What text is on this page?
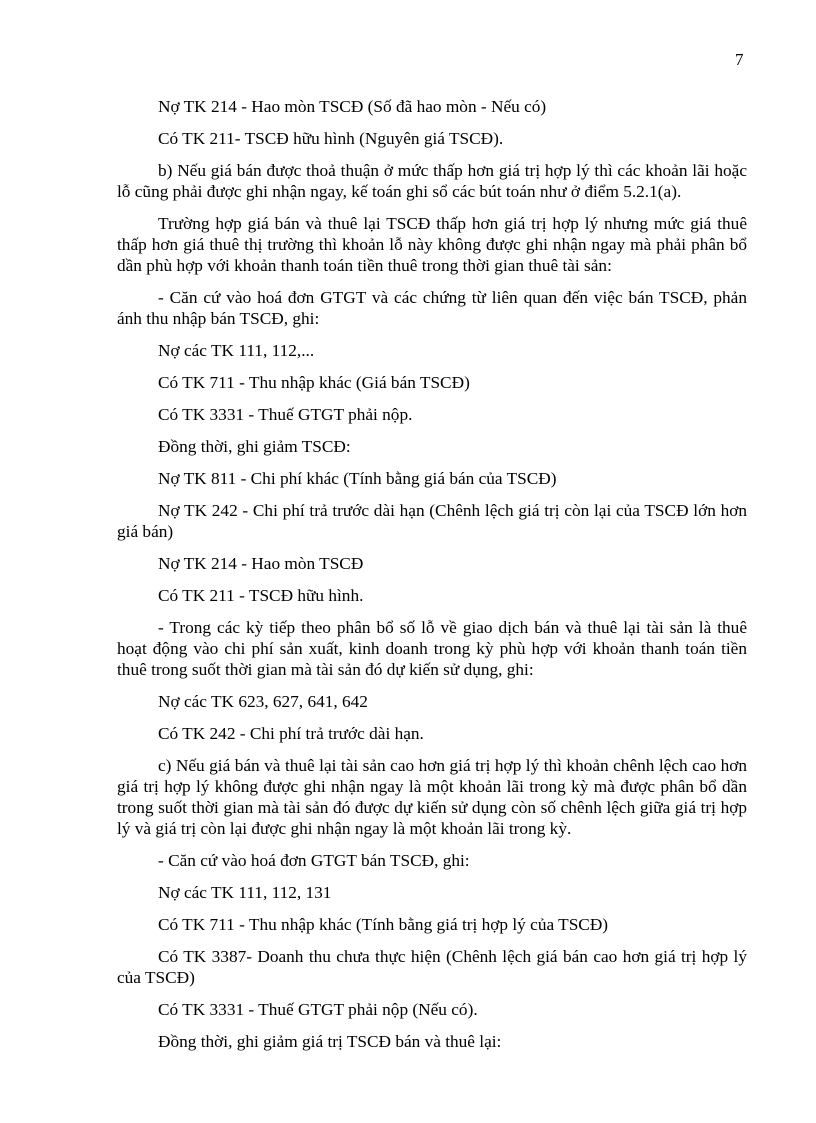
7

Nợ TK 214 - Hao mòn TSCĐ (Số đã hao mòn - Nếu có)

Có TK 211- TSCĐ hữu hình (Nguyên giá TSCĐ).

b) Nếu giá bán được thoả thuận ở mức thấp hơn giá trị hợp lý thì các khoản lãi hoặc lỗ cũng phải được ghi nhận ngay, kế toán ghi sổ các bút toán như ở điểm 5.2.1(a).

Trường hợp giá bán và thuê lại TSCĐ thấp hơn giá trị hợp lý nhưng mức giá thuê thấp hơn giá thuê thị trường thì khoản lỗ này không được ghi nhận ngay mà phải phân bổ dần phù hợp với khoản thanh toán tiền thuê trong thời gian thuê tài sản:

- Căn cứ vào hoá đơn GTGT và các chứng từ liên quan đến việc bán TSCĐ, phản ánh thu nhập bán TSCĐ, ghi:

Nợ các TK 111, 112,...

Có TK 711 - Thu nhập khác (Giá bán TSCĐ)

Có TK 3331 - Thuế GTGT phải nộp.

Đồng thời, ghi giảm TSCĐ:

Nợ TK 811 - Chi phí khác (Tính bằng giá bán của TSCĐ)

Nợ TK 242 - Chi phí trả trước dài hạn (Chênh lệch giá trị còn lại của TSCĐ lớn hơn giá bán)

Nợ TK 214 - Hao mòn TSCĐ

Có TK 211 - TSCĐ hữu hình.

- Trong các kỳ tiếp theo phân bổ số lỗ về giao dịch bán và thuê lại tài sản là thuê hoạt động vào chi phí sản xuất, kinh doanh trong kỳ phù hợp với khoản thanh toán tiền thuê trong suốt thời gian mà tài sản đó dự kiến sử dụng, ghi:

Nợ các TK 623, 627, 641, 642

Có TK 242 - Chi phí trả trước dài hạn.

c) Nếu giá bán và thuê lại tài sản cao hơn giá trị hợp lý thì khoản chênh lệch cao hơn giá trị hợp lý không được ghi nhận ngay là một khoản lãi trong kỳ mà được phân bổ dần trong suốt thời gian mà tài sản đó được dự kiến sử dụng còn số chênh lệch giữa giá trị hợp lý và giá trị còn lại được ghi nhận ngay là một khoản lãi trong kỳ.

- Căn cứ vào hoá đơn GTGT bán TSCĐ, ghi:

Nợ các TK 111, 112, 131

Có TK 711 - Thu nhập khác (Tính bằng giá trị hợp lý của TSCĐ)

Có TK 3387- Doanh thu chưa thực hiện (Chênh lệch giá bán cao hơn giá trị hợp lý của TSCĐ)

Có TK 3331 - Thuế GTGT phải nộp (Nếu có).

Đồng thời, ghi giảm giá trị TSCĐ bán và thuê lại:
